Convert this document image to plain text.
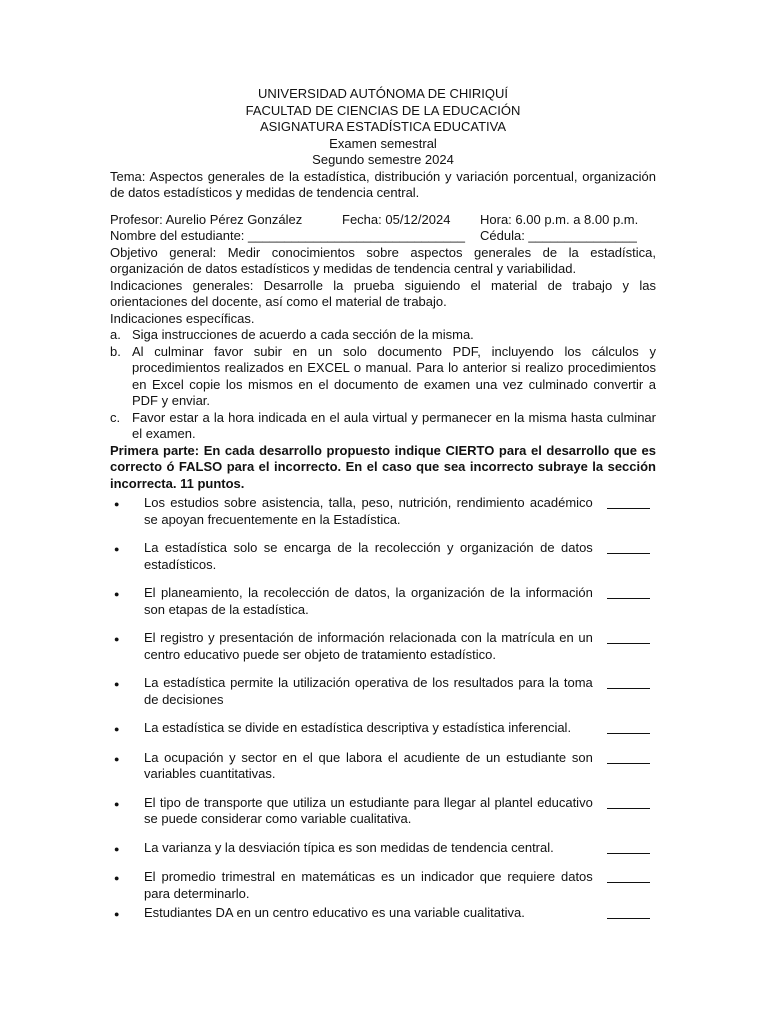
UNIVERSIDAD AUTÓNOMA DE CHIRIQUÍ
FACULTAD DE CIENCIAS DE LA EDUCACIÓN
ASIGNATURA ESTADÍSTICA EDUCATIVA
Examen semestral
Segundo semestre 2024
Tema: Aspectos generales de la estadística, distribución y variación porcentual, organización de datos estadísticos y medidas de tendencia central.
Profesor: Aurelio Pérez González	Fecha: 05/12/2024	Hora: 6.00 p.m. a 8.00 p.m.
Nombre del estudiante: ______________________________	Cédula: _______________
Objetivo general: Medir conocimientos sobre aspectos generales de la estadística, organización de datos estadísticos y medidas de tendencia central y variabilidad.
Indicaciones generales: Desarrolle la prueba siguiendo el material de trabajo y las orientaciones del docente, así como el material de trabajo.
Indicaciones específicas.
a. Siga instrucciones de acuerdo a cada sección de la misma.
b. Al culminar favor subir en un solo documento PDF, incluyendo los cálculos y procedimientos realizados en EXCEL o manual. Para lo anterior si realizo procedimientos en Excel copie los mismos en el documento de examen una vez culminado convertir a PDF y enviar.
c. Favor estar a la hora indicada en el aula virtual y permanecer en la misma hasta culminar el examen.
Primera parte: En cada desarrollo propuesto indique CIERTO para el desarrollo que es correcto ó FALSO para el incorrecto. En el caso que sea incorrecto subraye la sección incorrecta. 11 puntos.
●	Los estudios sobre asistencia, talla, peso, nutrición, rendimiento académico se apoyan frecuentemente en la Estadística.
●	La estadística solo se encarga de la recolección y organización de datos estadísticos.
●	El planeamiento, la recolección de datos, la organización de la información son etapas de la estadística.
●	El registro y presentación de información relacionada con la matrícula en un centro educativo puede ser objeto de tratamiento estadístico.
●	La estadística permite la utilización operativa de los resultados para la toma de decisiones
●	La estadística se divide en estadística descriptiva y estadística inferencial.
●	La ocupación y sector en el que labora el acudiente de un estudiante son variables cuantitativas.
●	El tipo de transporte que utiliza un estudiante para llegar al plantel educativo se puede considerar como variable cualitativa.
●	La varianza y la desviación típica es son medidas de tendencia central.
●	El promedio trimestral en matemáticas es un indicador que requiere datos para determinarlo.
●	Estudiantes DA en un centro educativo es una variable cualitativa.
